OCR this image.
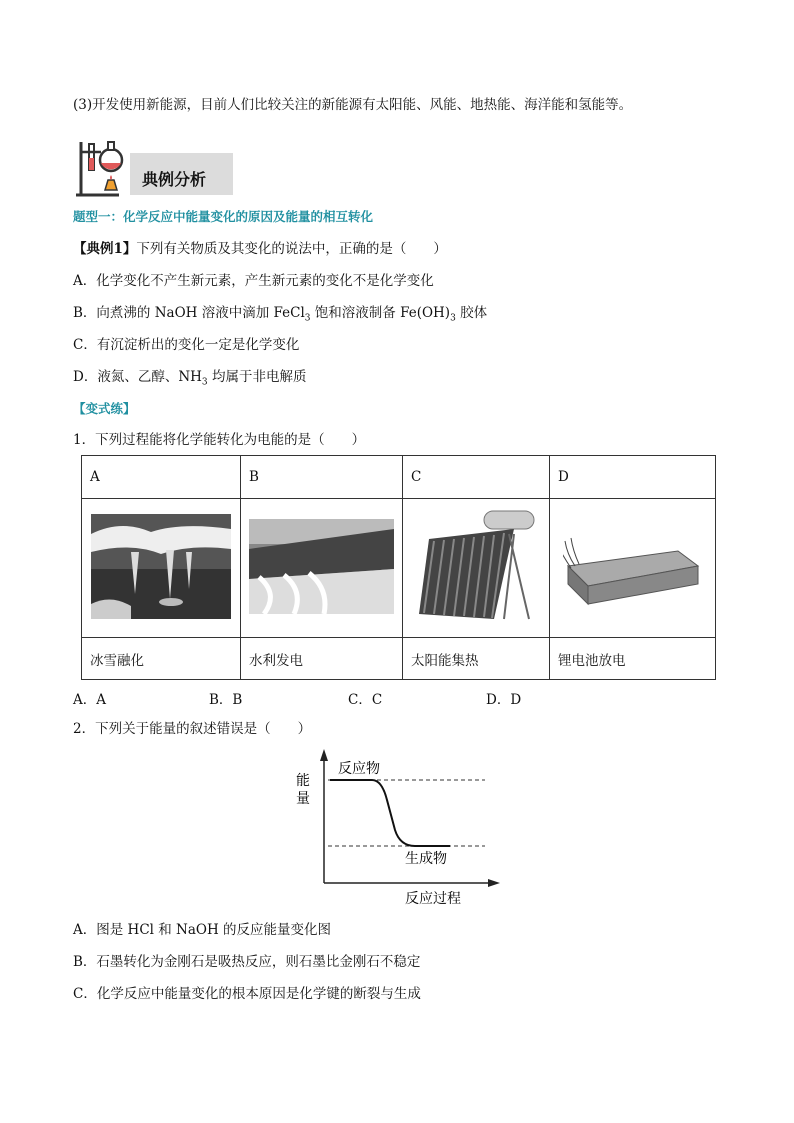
(3)开发使用新能源，目前人们比较关注的新能源有太阳能、风能、地热能、海洋能和氢能等。
典例分析
题型一：化学反应中能量变化的原因及能量的相互转化
【典例1】下列有关物质及其变化的说法中，正确的是（　　）
A．化学变化不产生新元素，产生新元素的变化不是化学变化
B．向煮沸的 NaOH 溶液中滴加 FeCl$_3$ 饱和溶液制备 $Fe(OH)_3$ 胶体
C．有沉淀析出的变化一定是化学变化
D．液氮、乙醇、$NH_3$ 均属于非电解质
【变式练】
1．下列过程能将化学能转化为电能的是（　　）
A	B	C	D

冰雪融化	水利发电	太阳能集热	锂电池放电
A．A	B．B	C．C	D．D
2．下列关于能量的叙述错误是（　　）
能
量
反应物
生成物
反应过程
A．图是 HCl 和 NaOH 的反应能量变化图
B．石墨转化为金刚石是吸热反应，则石墨比金刚石不稳定
C．化学反应中能量变化的根本原因是化学键的断裂与生成
